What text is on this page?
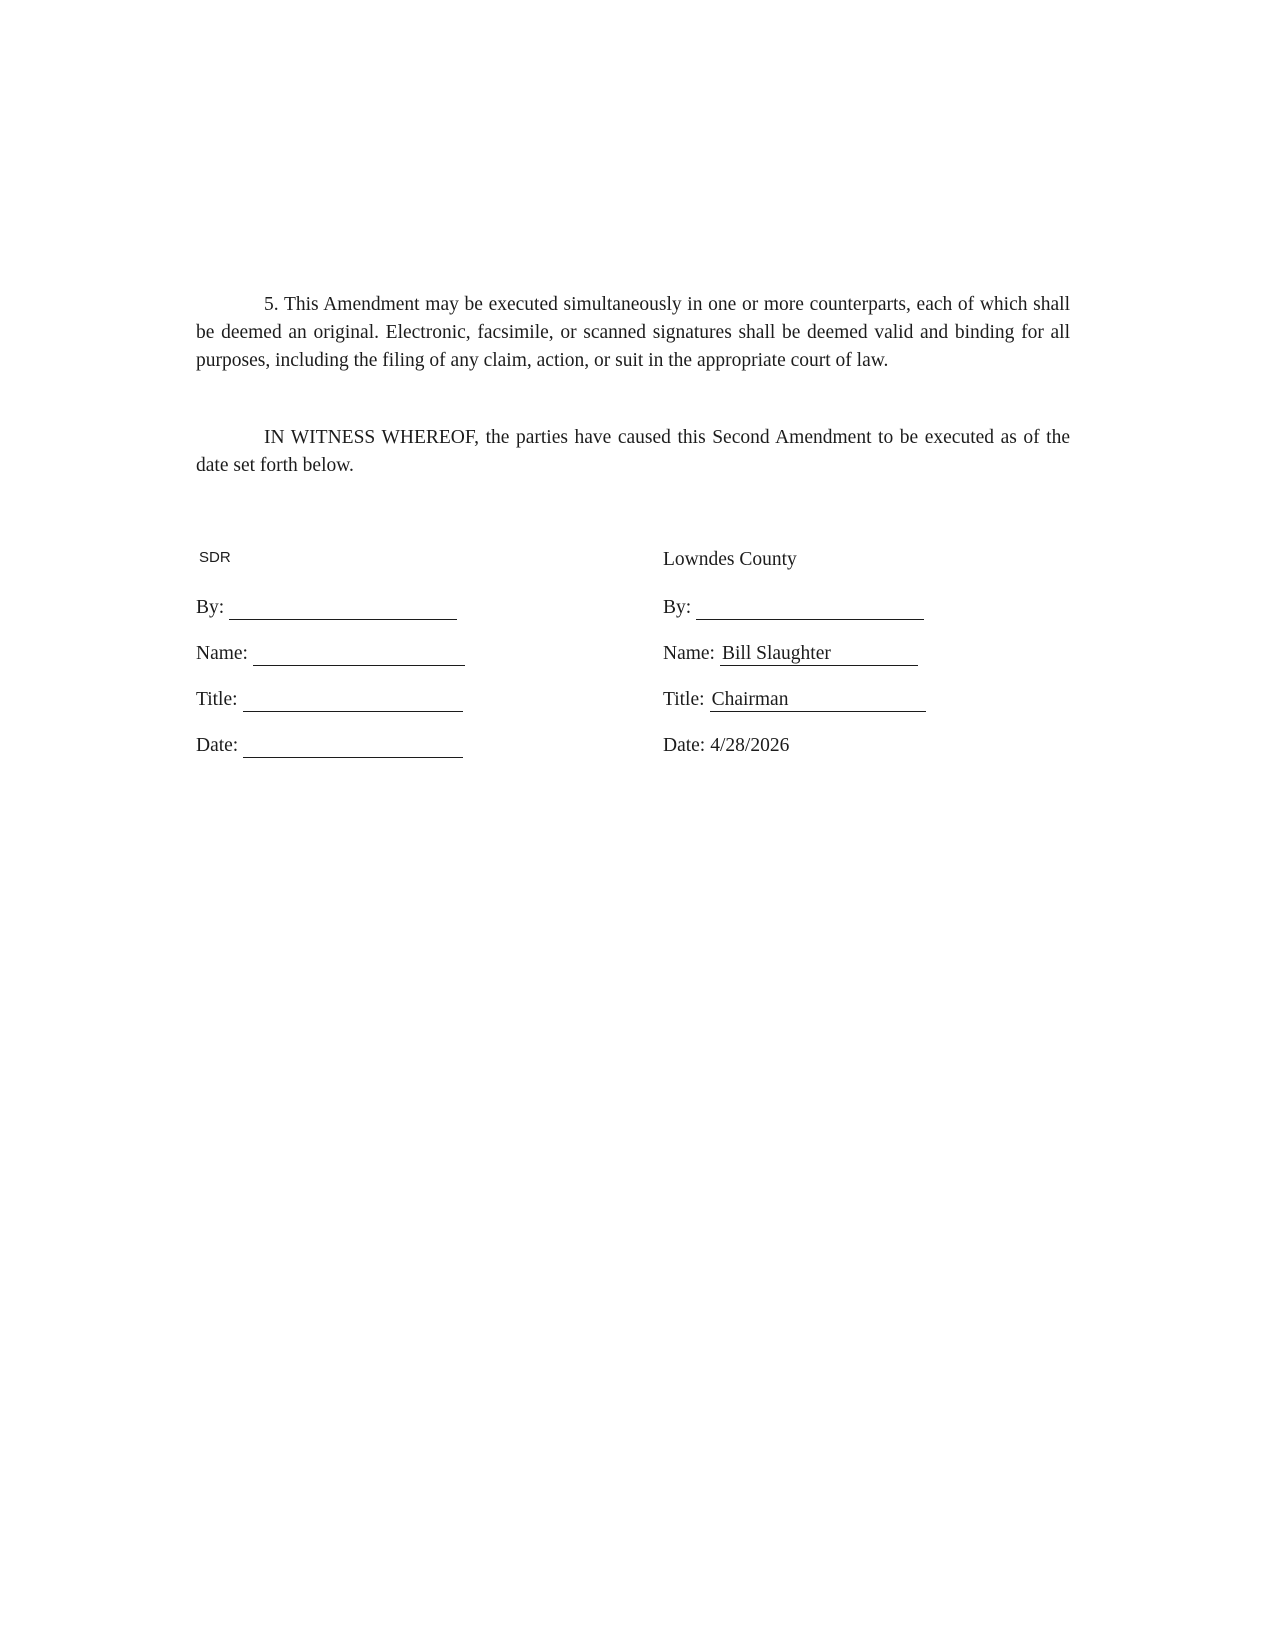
5. This Amendment may be executed simultaneously in one or more counterparts, each of which shall be deemed an original. Electronic, facsimile, or scanned signatures shall be deemed valid and binding for all purposes, including the filing of any claim, action, or suit in the appropriate court of law.

IN WITNESS WHEREOF, the parties have caused this Second Amendment to be executed as of the date set forth below.

SDR
By:
Name:
Title:
Date:
Lowndes County
By:
Name: Bill Slaughter
Title: Chairman
Date: 4/28/2026
